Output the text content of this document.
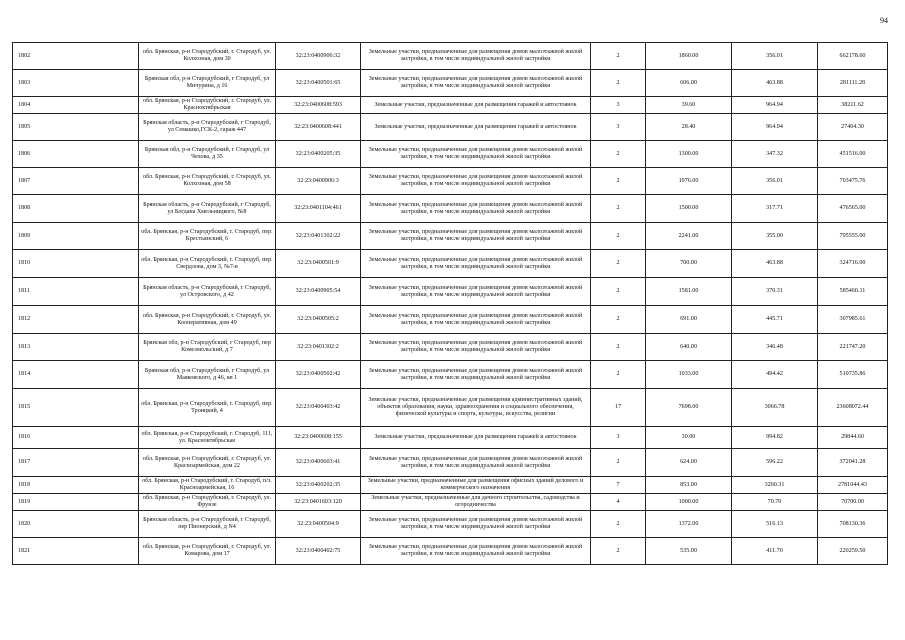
94
1802	обл. Брянская, р-н Стародубский, г. Стародуб, ул. Колхозная, дом 30	32:23:0400906:32	Земельные участки, предназначенные для размещения домов малоэтажной жилой застройки, в том числе индивидуальной жилой застройки	2	1860.00	356.01	662178.60
1803	Брянская обл, р-н Стародубский, г Стародуб, ул Мичурина, д 16	32:23:0400501:65	Земельные участки, предназначенные для размещения домов малоэтажной жилой застройки, в том числе индивидуальной жилой застройки	2	606.00	463.88	281111.28
1804	обл. Брянская, р-н Стародубский, г. Стародуб, ул. Красноктябрьская	32:23:0400608:593	Земельные участки, предназначенные для размещения гаражей и автостоянок	3	39.60	964.94	38211.62
1805	Брянская область, р-н Стародубский, г Стародуб, ул Семашко,ГСК-2, гараж 447	32:23:0400608:441	Земельные участки, предназначенные для размещения гаражей и автостоянок	3	28.40	964.94	27404.30
1806	Брянская обл, р-н Стародубский, г Стародуб, ул Чехова, д 35	32:23:0400205:35	Земельные участки, предназначенные для размещения домов малоэтажной жилой застройки, в том числе индивидуальной жилой застройки	2	1300.00	347.32	451516.00
1807	обл. Брянская, р-н Стародубский, г. Стародуб, ул. Колхозная, дом 58	32:23:0400906:3	Земельные участки, предназначенные для размещения домов малоэтажной жилой застройки, в том числе индивидуальной жилой застройки	2	1976.00	356.01	703475.76
1808	Брянская область, р-н Стародубский, г Стародуб, ул Богдана Хмельницкого, №8	32:23:0401104:461	Земельные участки, предназначенные для размещения домов малоэтажной жилой застройки, в том числе индивидуальной жилой застройки	2	1500.00	317.71	476565.00
1809	обл. Брянская, р-н Стародубский, г. Стародуб, пер. Крестьянский, 6	32:23:0401302:22	Земельные участки, предназначенные для размещения домов малоэтажной жилой застройки, в том числе индивидуальной жилой застройки	2	2241.00	355.00	795555.00
1810	обл. Брянская, р-н Стародубский, г. Стародуб, пер. Свердлова, дом 3, №7-в	32:23:0400501:9	Земельные участки, предназначенные для размещения домов малоэтажной жилой застройки, в том числе индивидуальной жилой застройки	2	700.00	463.88	324716.00
1811	Брянская область, р-н Стародубский, г Стародуб, ул Островского, д 42	32:23:0400905:54	Земельные участки, предназначенные для размещения домов малоэтажной жилой застройки, в том числе индивидуальной жилой застройки	2	1581.00	370.31	585460.11
1812	обл. Брянская, р-н Стародубский, г. Стародуб, ул. Кооперативная, дом 49	32:23:0400505:2	Земельные участки, предназначенные для размещения домов малоэтажной жилой застройки, в том числе индивидуальной жилой застройки	2	691.00	445.71	307985.61
1813	Брянская обл, р-н Стародубский, г Стародуб, пер Комсомольский, д 7	32:23:0401302:2	Земельные участки, предназначенные для размещения домов малоэтажной жилой застройки, в том числе индивидуальной жилой застройки	2	640.00	346.48	221747.20
1814	Брянская обл, р-н Стародубский, г Стародуб, ул Маяковского, д 46, кв 1	32:23:0400502:42	Земельные участки, предназначенные для размещения домов малоэтажной жилой застройки, в том числе индивидуальной жилой застройки	2	1033.00	494.42	510735.86
1815	обл. Брянская, р-н Стародубский, г. Стародуб, пер. Троицкий, 4	32:23:0400403:42	Земельные участки, предназначенные для размещения административных зданий, объектов образования, науки, здравоохранения и социального обеспечения, физической культуры и спорта, культуры, искусства, религии	17	7698.00	3066.78	23608072.44
1816	обл. Брянская, р-н Стародубский, г. Стародуб, 111, ул. Красноктябрьская	32:23:0400608:155	Земельные участки, предназначенные для размещения гаражей и автостоянок	3	30.00	994.82	29844.60
1817	обл. Брянская, р-н Стародубский, г. Стародуб, ул. Красноармейская, дом 22	32:23:0400603:41	Земельные участки, предназначенные для размещения домов малоэтажной жилой застройки, в том числе индивидуальной жилой застройки	2	624.00	596.22	372041.28
1818	обл. Брянская, р-н Стародубский, г. Стародуб, п/з. Красноармейская, 16	32:23:0400202:35	Земельные участки, предназначенные для размещения офисных зданий делового и коммерческого назначения	7	853.00	3260.31	2781044.43
1819	обл. Брянская, р-н Стародубский, г. Стародуб, ул. Фрунзе	32:23:0401603:120	Земельные участки, предназначенные для дачного строительства, садоводства и огородничества	4	1000.00	70.70	70700.00
1820	Брянская область, р-н Стародубский, г Стародуб, пер Пионерский, д N4	32:23:0400504:9	Земельные участки, предназначенные для размещения домов малоэтажной жилой застройки, в том числе индивидуальной жилой застройки	2	1372.00	516.13	708130.36
1821	обл. Брянская, р-н Стародубский, г. Стародуб, ул. Комарова, дом 17	32:23:0400402:75	Земельные участки, предназначенные для размещения домов малоэтажной жилой застройки, в том числе индивидуальной жилой застройки	2	535.00	411.70	220259.50
